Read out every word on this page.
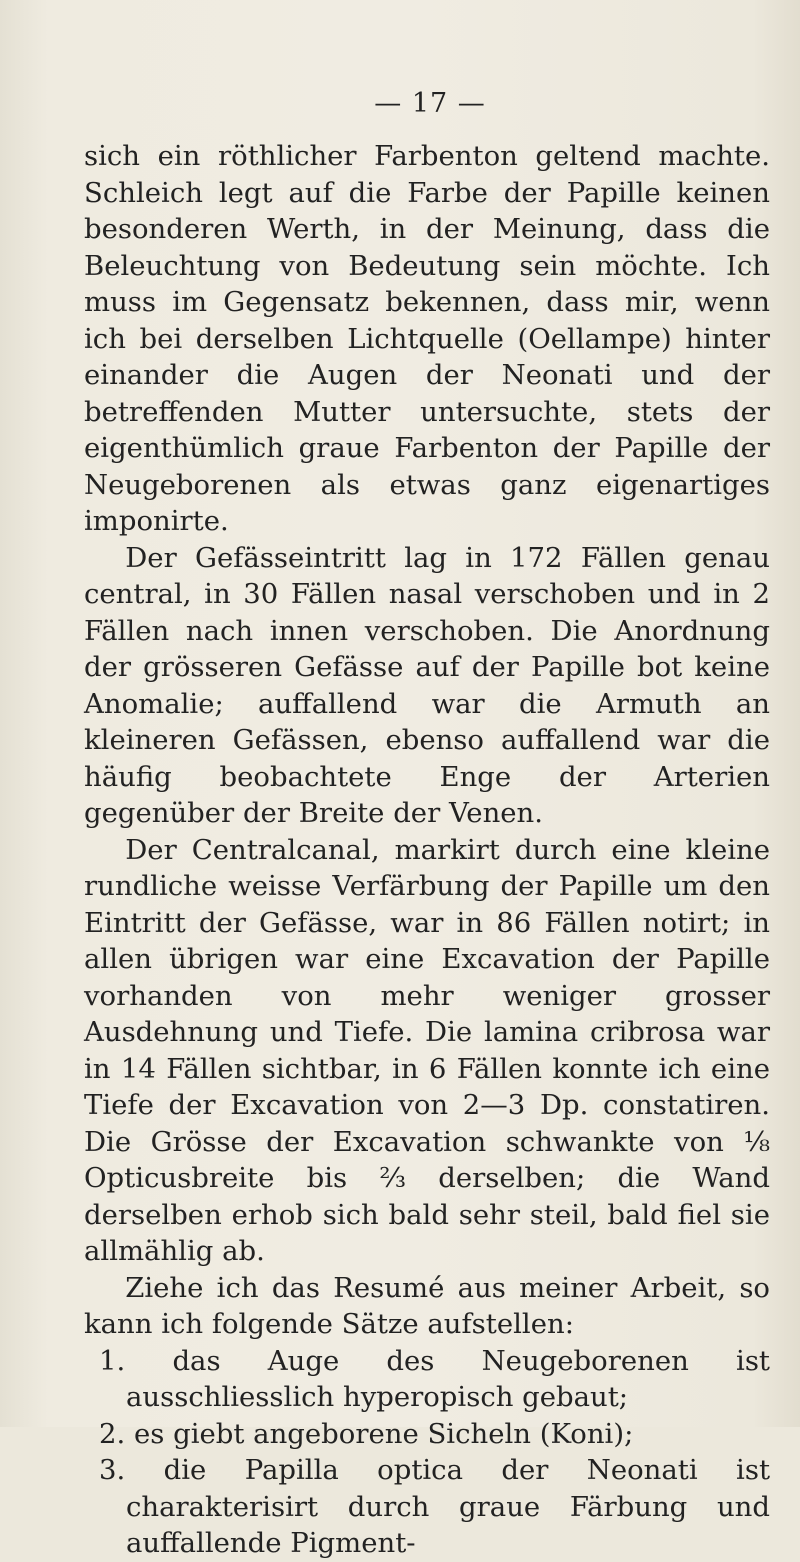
— 17 —

sich ein röthlicher Farbenton geltend machte. Schleich legt auf die Farbe der Papille keinen besonderen Werth, in der Meinung, dass die Beleuchtung von Bedeutung sein möchte. Ich muss im Gegensatz bekennen, dass mir, wenn ich bei derselben Lichtquelle (Oellampe) hinter einander die Augen der Neonati und der betreffenden Mutter untersuchte, stets der eigenthümlich graue Farbenton der Papille der Neugeborenen als etwas ganz eigenartiges imponirte.

Der Gefässeintritt lag in 172 Fällen genau central, in 30 Fällen nasal verschoben und in 2 Fällen nach innen verschoben. Die Anordnung der grösseren Gefässe auf der Papille bot keine Anomalie; auffallend war die Armuth an kleineren Gefässen, ebenso auffallend war die häufig beobachtete Enge der Arterien gegenüber der Breite der Venen.

Der Centralcanal, markirt durch eine kleine rundliche weisse Verfärbung der Papille um den Eintritt der Gefässe, war in 86 Fällen notirt; in allen übrigen war eine Excavation der Papille vorhanden von mehr weniger grosser Ausdehnung und Tiefe. Die lamina cribrosa war in 14 Fällen sichtbar, in 6 Fällen konnte ich eine Tiefe der Excavation von 2—3 Dp. constatiren. Die Grösse der Excavation schwankte von ⅛ Opticusbreite bis ⅔ derselben; die Wand derselben erhob sich bald sehr steil, bald fiel sie allmählig ab.

Ziehe ich das Resumé aus meiner Arbeit, so kann ich folgende Sätze aufstellen:

1. das Auge des Neugeborenen ist ausschliesslich hyperopisch gebaut;
2. es giebt angeborene Sicheln (Koni);
3. die Papilla optica der Neonati ist charakterisirt durch graue Färbung und auffallende Pigment-
